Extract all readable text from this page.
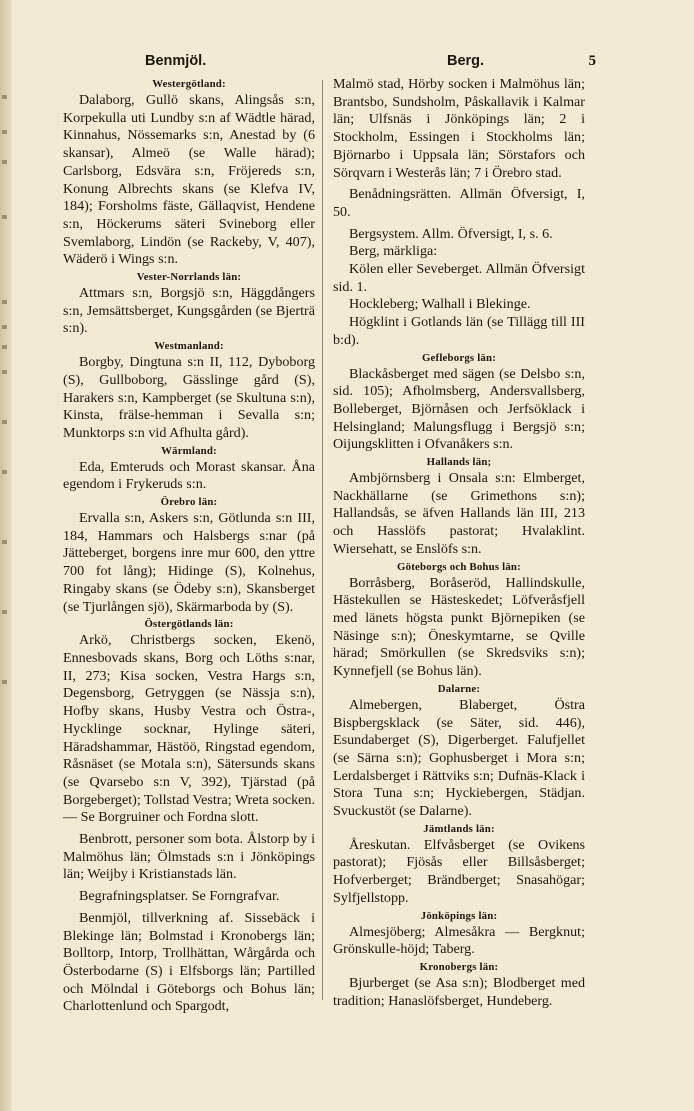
Benmjöl.	Berg.	5
Westergötland:

Dalaborg, Gullö skans, Alingsås s:n, Korpekulla uti Lundby s:n af Wädtle härad, Kinnahus, Nössemarks s:n, Anestad by (6 skansar), Almeö (se Walle härad); Carlsborg, Edsvära s:n, Fröjereds s:n, Konung Albrechts skans (se Klefva IV, 184); Forsholms fäste, Gällaqvist, Hendene s:n, Höckerums säteri Svineborg eller Svemlaborg, Lindön (se Rackeby, V, 407), Wäderö i Wings s:n.

Vester-Norrlands län:

Attmars s:n, Borgsjö s:n, Häggdångers s:n, Jemsättsberget, Kungsgården (se Bjerträ s:n).

Westmanland:

Borgby, Dingtuna s:n II, 112, Dyboborg (S), Gullboborg, Gässlinge gård (S), Harakers s:n, Kampberget (se Skultuna s:n), Kinsta, frälse-hemman i Sevalla s:n; Munktorps s:n vid Afhulta gård).

Wärmland:

Eda, Emteruds och Morast skansar. Åna egendom i Frykeruds s:n.

Örebro län:

Ervalla s:n, Askers s:n, Götlunda s:n III, 184, Hammars och Halsbergs s:nar (på Jätteberget, borgens inre mur 600, den yttre 700 fot lång); Hidinge (S), Kolnehus, Ringaby skans (se Ödeby s:n), Skansberget (se Tjurlången sjö), Skärmarboda by (S).

Östergötlands län:

Arkö, Christbergs socken, Ekenö, Ennesbovads skans, Borg och Löths s:nar, II, 273; Kisa socken, Vestra Hargs s:n, Degensborg, Getryggen (se Nässja s:n), Hofby skans, Husby Vestra och Östra-, Hycklinge socknar, Hylinge säteri, Häradshammar, Hästöö, Ringstad egendom, Råsnäset (se Motala s:n), Sätersunds skans (se Qvarsebo s:n V, 392), Tjärstad (på Borgeberget); Tollstad Vestra; Wreta socken. — Se Borgruiner och Fordna slott.

Benbrott, personer som bota. Ålstorp by i Malmöhus län; Ölmstads s:n i Jönköpings län; Weijby i Kristianstads län.

Begrafningsplatser. Se Forngrafvar.

Benmjöl, tillverkning af. Sissebäck i Blekinge län; Bolmstad i Kronobergs län; Bolltorp, Intorp, Trollhättan, Wårgårda och Österbodarne (S) i Elfsborgs län; Partilled och Mölndal i Göteborgs och Bohus län; Charlottenlund och Spargodt,

Malmö stad, Hörby socken i Malmöhus län; Brantsbo, Sundsholm, Påskallavik i Kalmar län; Ulfsnäs i Jönköpings län; 2 i Stockholm, Essingen i Stockholms län; Björnarbo i Uppsala län; Sörstafors och Sörqvarn i Westerås län; 7 i Örebro stad.

Benådningsrätten. Allmän Öfversigt, I, 50.

Bergsystem. Allm. Öfversigt, I, s. 6.

Berg, märkliga:

Kölen eller Seveberget. Allmän Öfversigt sid. 1.

Hockleberg; Walhall i Blekinge.

Högklint i Gotlands län (se Tillägg till III b:d).

Gefleborgs län:

Blackåsberget med sägen (se Delsbo s:n, sid. 105); Afholmsberg, Andersvallsberg, Bolleberget, Björnåsen och Jerfsöklack i Helsingland; Malungsflugg i Bergsjö s:n; Oijungsklitten i Ofvanåkers s:n.

Hallands län;

Ambjörnsberg i Onsala s:n: Elmberget, Nackhällarne (se Grimethons s:n); Hallandsås, se äfven Hallands län III, 213 och Hasslöfs pastorat; Hvalaklint. Wiersehatt, se Enslöfs s:n.

Göteborgs och Bohus län:

Borråsberg, Boråseröd, Hallindskulle, Hästekullen se Hästeskedet; Löfveråsfjell med länets högsta punkt Björnepiken (se Näsinge s:n); Öneskymtarne, se Qville härad; Smörkullen (se Skredsviks s:n); Kynnefjell (se Bohus län).

Dalarne:

Almebergen, Blaberget, Östra Bispbergsklack (se Säter, sid. 446), Esundaberget (S), Digerberget. Falufjellet (se Särna s:n); Gophusberget i Mora s:n; Lerdalsberget i Rättviks s:n; Dufnäs-Klack i Stora Tuna s:n; Hyckiebergen, Städjan. Svuckustöt (se Dalarne).

Jämtlands län:

Åreskutan. Elfvåsberget (se Ovikens pastorat); Fjösås eller Billsåsberget; Hofverberget; Brändberget; Snasahögar; Sylfjellstopp.

Jönköpings län:

Almesjöberg; Almesåkra — Bergknut; Grönskulle-höjd; Taberg.

Kronobergs län:

Bjurberget (se Asa s:n); Blodberget med tradition; Hanaslöfsberget, Hundeberg.
